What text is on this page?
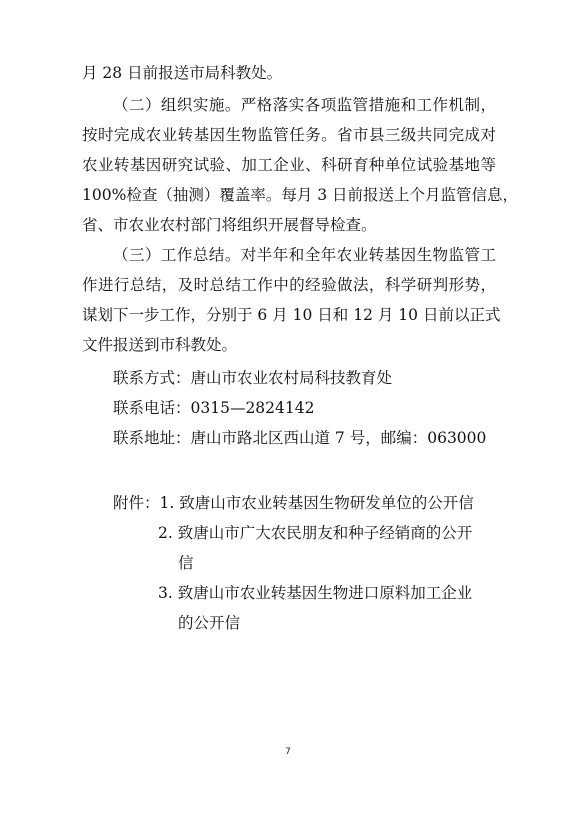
月 28 日前报送市局科教处。
（二）组织实施。严格落实各项监管措施和工作机制，
按时完成农业转基因生物监管任务。省市县三级共同完成对
农业转基因研究试验、加工企业、科研育种单位试验基地等
100%检查（抽测）覆盖率。每月 3 日前报送上个月监管信息，
省、市农业农村部门将组织开展督导检查。
（三）工作总结。对半年和全年农业转基因生物监管工
作进行总结，及时总结工作中的经验做法，科学研判形势，
谋划下一步工作，分别于 6 月 10 日和 12 月 10 日前以正式
文件报送到市科教处。
联系方式：唐山市农业农村局科技教育处
联系电话：0315—2824142
联系地址：唐山市路北区西山道 7 号，邮编：063000
附件：1. 致唐山市农业转基因生物研发单位的公开信
2. 致唐山市广大农民朋友和种子经销商的公开
信
3. 致唐山市农业转基因生物进口原料加工企业
的公开信
7
